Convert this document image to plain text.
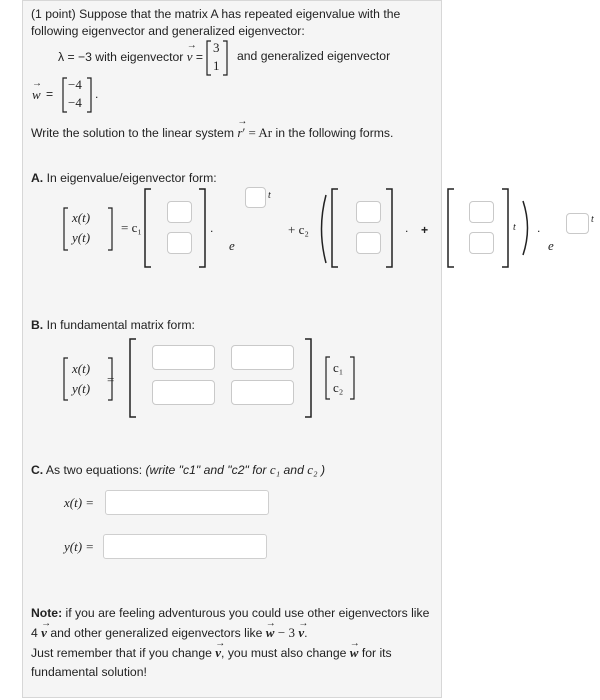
(1 point) Suppose that the matrix A has repeated eigenvalue with the
following eigenvector and generalized eigenvector:
λ = −3 with eigenvector → v =
3
1
and generalized eigenvector
→ w =
−4
−4
.
Write the solution to the linear system → r′ = Ar in the following forms.
A. In eigenvalue/eigenvector form:
x(t)
y(t)
= c₁	.
e
t
+ c₂	. +	t .
e
t
B. In fundamental matrix form:
x(t)
y(t)
=
c₁
c₂
C. As two equations: (write "c1" and "c2" for c₁ and c₂ )
x(t) =
y(t) =
Note: if you are feeling adventurous you could use other eigenvectors like
4 → v and other generalized eigenvectors like → w − 3 → v.
Just remember that if you change → v, you must also change → w for its
fundamental solution!
